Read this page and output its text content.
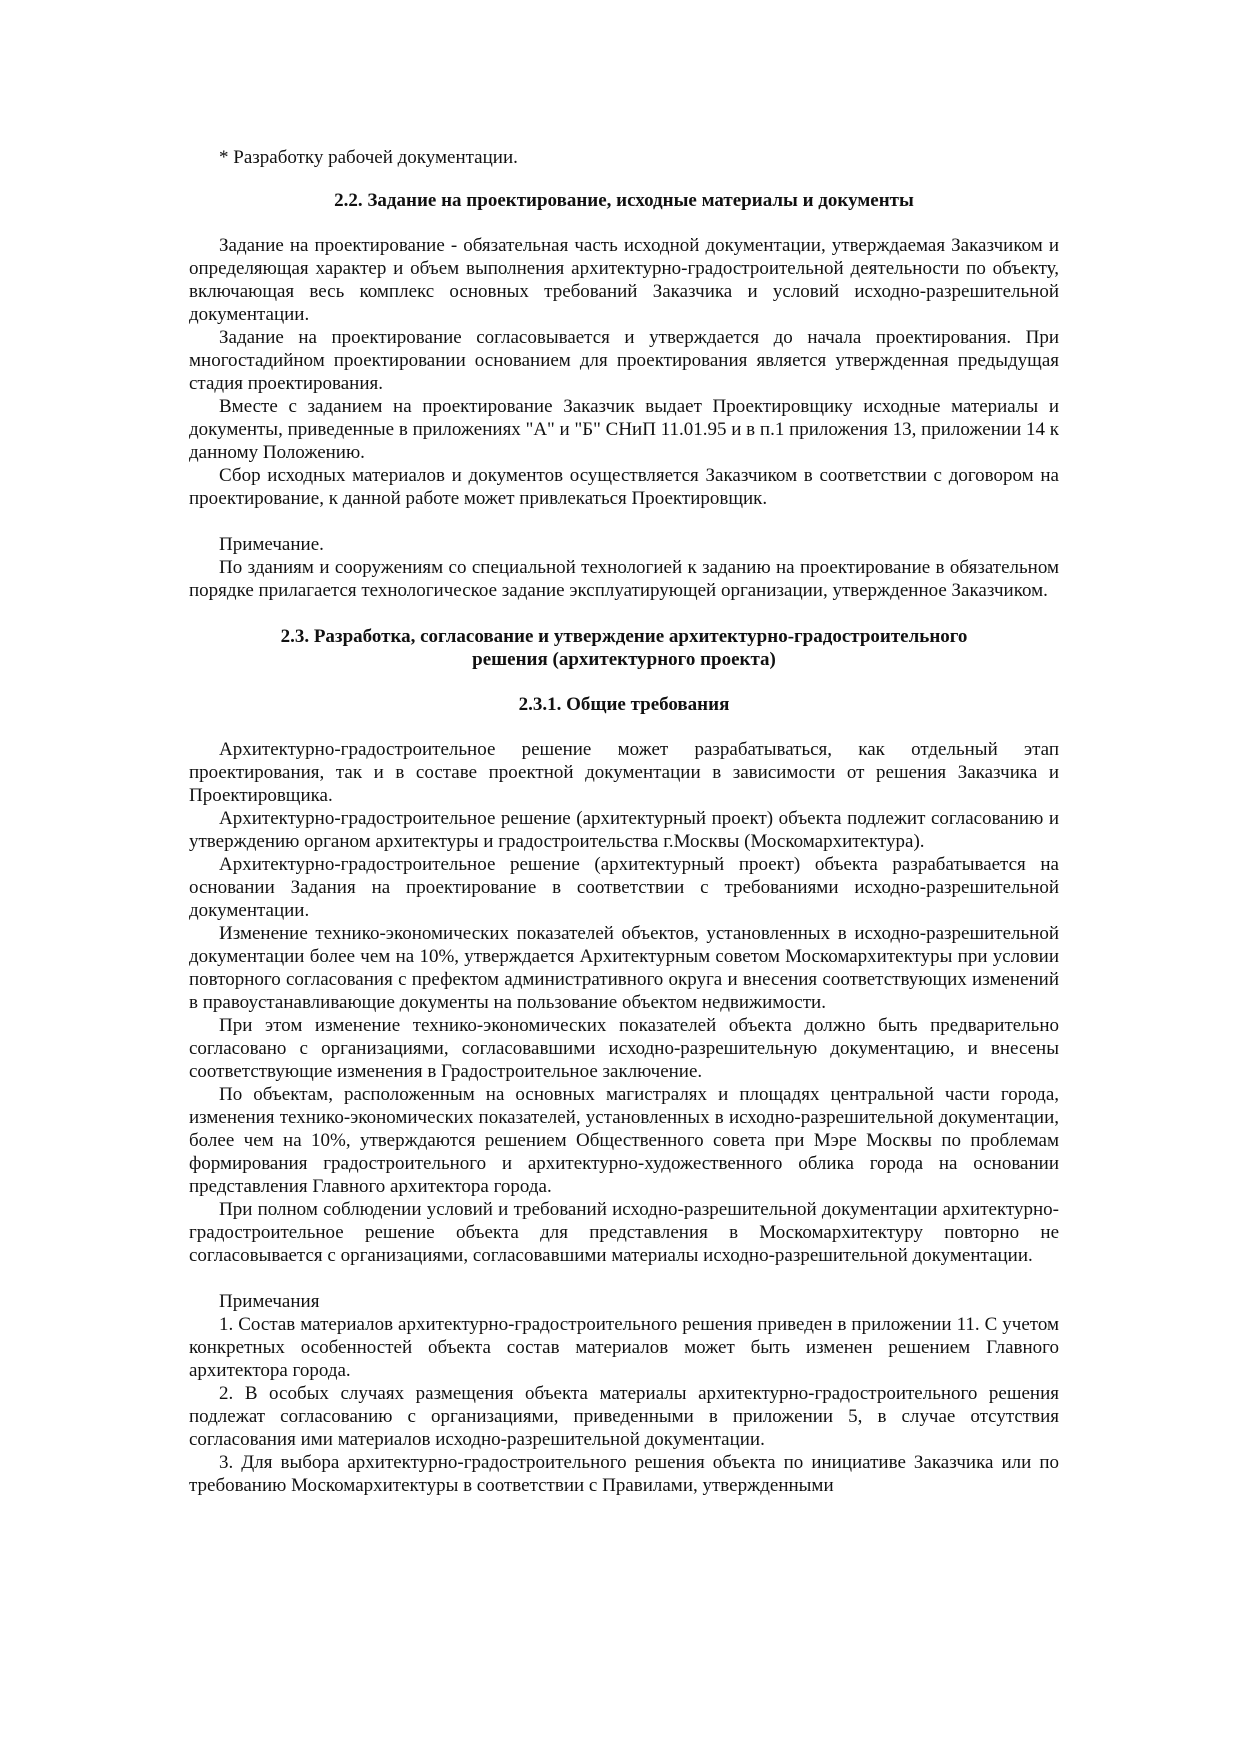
* Разработку рабочей документации.

2.2. Задание на проектирование, исходные материалы и документы

Задание на проектирование - обязательная часть исходной документации, утверждаемая Заказчиком и определяющая характер и объем выполнения архитектурно-градостроительной деятельности по объекту, включающая весь комплекс основных требований Заказчика и условий исходно-разрешительной документации.

Задание на проектирование согласовывается и утверждается до начала проектирования. При многостадийном проектировании основанием для проектирования является утвержденная предыдущая стадия проектирования.

Вместе с заданием на проектирование Заказчик выдает Проектировщику исходные материалы и документы, приведенные в приложениях "А" и "Б" СНиП 11.01.95 и в п.1 приложения 13, приложении 14 к данному Положению.

Сбор исходных материалов и документов осуществляется Заказчиком в соответствии с договором на проектирование, к данной работе может привлекаться Проектировщик.

Примечание.

По зданиям и сооружениям со специальной технологией к заданию на проектирование в обязательном порядке прилагается технологическое задание эксплуатирующей организации, утвержденное Заказчиком.

2.3. Разработка, согласование и утверждение архитектурно-градостроительного

решения (архитектурного проекта)

2.3.1. Общие требования

Архитектурно-градостроительное решение может разрабатываться, как отдельный этап проектирования, так и в составе проектной документации в зависимости от решения Заказчика и Проектировщика.

Архитектурно-градостроительное решение (архитектурный проект) объекта подлежит согласованию и утверждению органом архитектуры и градостроительства г.Москвы (Москомархитектура).

Архитектурно-градостроительное решение (архитектурный проект) объекта разрабатывается на основании Задания на проектирование в соответствии с требованиями исходно-разрешительной документации.

Изменение технико-экономических показателей объектов, установленных в исходно-разрешительной документации более чем на 10%, утверждается Архитектурным советом Москомархитектуры при условии повторного согласования с префектом административного округа и внесения соответствующих изменений в правоустанавливающие документы на пользование объектом недвижимости.

При этом изменение технико-экономических показателей объекта должно быть предварительно согласовано с организациями, согласовавшими исходно-разрешительную документацию, и внесены соответствующие изменения в Градостроительное заключение.

По объектам, расположенным на основных магистралях и площадях центральной части города, изменения технико-экономических показателей, установленных в исходно-разрешительной документации, более чем на 10%, утверждаются решением Общественного совета при Мэре Москвы по проблемам формирования градостроительного и архитектурно-художественного облика города на основании представления Главного архитектора города.

При полном соблюдении условий и требований исходно-разрешительной документации архитектурно-градостроительное решение объекта для представления в Москомархитектуру повторно не согласовывается с организациями, согласовавшими материалы исходно-разрешительной документации.

Примечания

1. Состав материалов архитектурно-градостроительного решения приведен в приложении 11. С учетом конкретных особенностей объекта состав материалов может быть изменен решением Главного архитектора города.

2. В особых случаях размещения объекта материалы архитектурно-градостроительного решения подлежат согласованию с организациями, приведенными в приложении 5, в случае отсутствия согласования ими материалов исходно-разрешительной документации.

3. Для выбора архитектурно-градостроительного решения объекта по инициативе Заказчика или по требованию Москомархитектуры в соответствии с Правилами, утвержденными
